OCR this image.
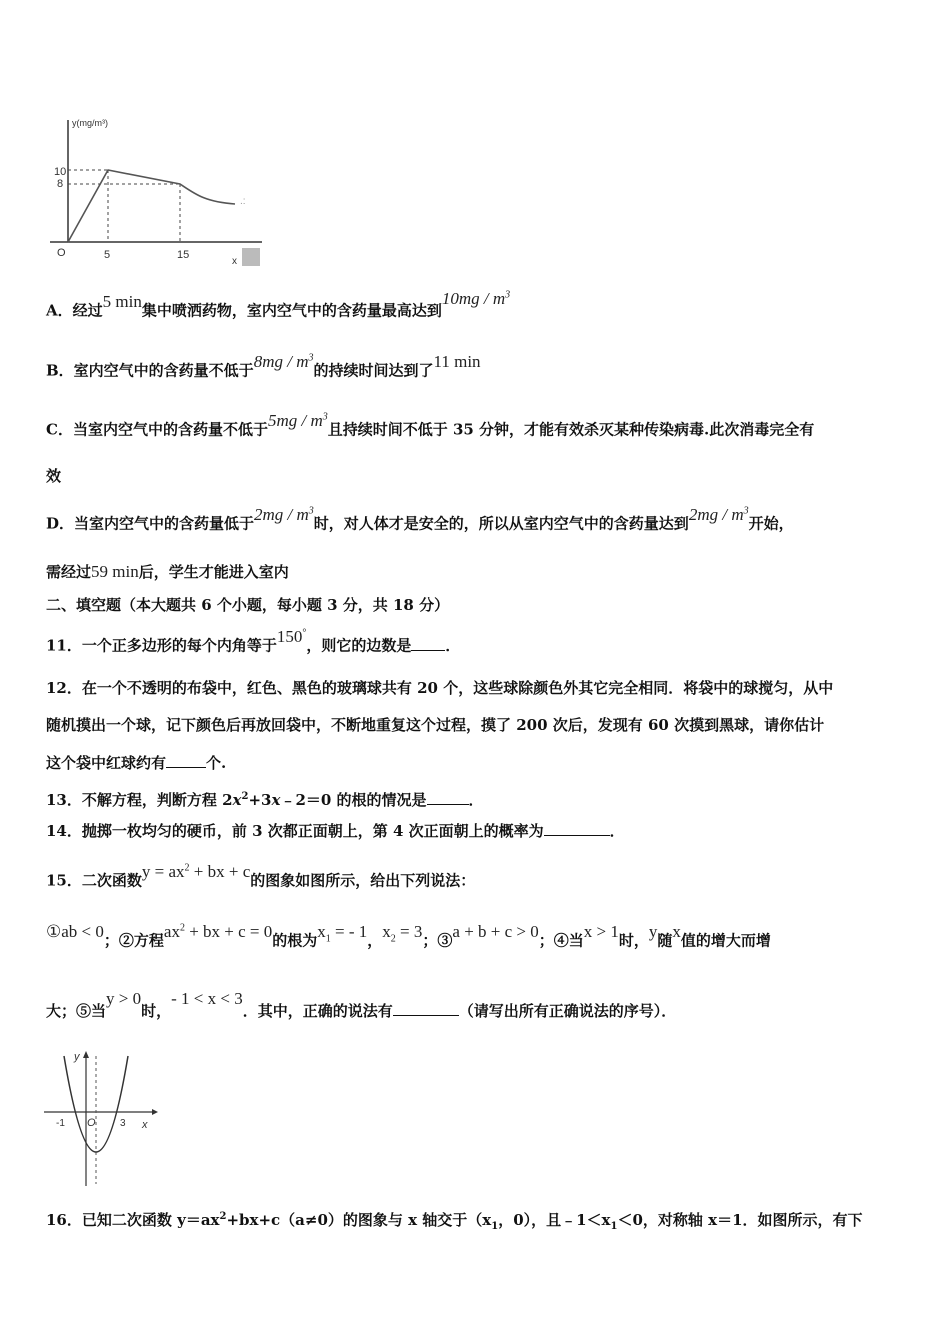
y(mg/m³)
10
8
O	5	15
x
.:
A．经过5 min集中喷洒药物，室内空气中的含药量最高达到$10mg / m^3$
B．室内空气中的含药量不低于$8mg / m^3$的持续时间达到了11 min
C．当室内空气中的含药量不低于$5mg / m^3$且持续时间不低于 35 分钟，才能有效杀灭某种传染病毒.此次消毒完全有
效
D．当室内空气中的含药量低于$2mg / m^3$时，对人体才是安全的，所以从室内空气中的含药量达到$2mg / m^3$开始，
需经过59 min后，学生才能进入室内
二、填空题（本大题共 6 个小题，每小题 3 分，共 18 分）
11．一个正多边形的每个内角等于150°，则它的边数是 ．
12．在一个不透明的布袋中，红色、黑色的玻璃球共有 20 个，这些球除颜色外其它完全相同．将袋中的球搅匀，从中
随机摸出一个球，记下颜色后再放回袋中，不断地重复这个过程，摸了 200 次后，发现有 60 次摸到黑球，请你估计
这个袋中红球约有	个.
13．不解方程，判断方程 $2x^2+3x﹣2=0$ 的根的情况是	．
14．抛掷一枚均匀的硬币，前 3 次都正面朝上，第 4 次正面朝上的概率为	．
15．二次函数$y = ax^2$ + bx + c的图象如图所示，给出下列说法：
①ab < 0；②方程$ax^2$ + bx + c = 0的根为$x_1$ = - 1，$x_2 = 3$；③a + b + c > 0；④当x > 1时，y随x值的增大而增
大；⑤当y > 0时，- 1 < x < 3．其中，正确的说法有	（请写出所有正确说法的序号）．
y
x
O
-1	3
16．已知二次函数 $y=ax^2+bx+c(a\ne 0)$的图象与 x 轴交于（$x_1$，0），且$﹣1<x_1<0$，对称轴 x＝1．如图所示，有下
